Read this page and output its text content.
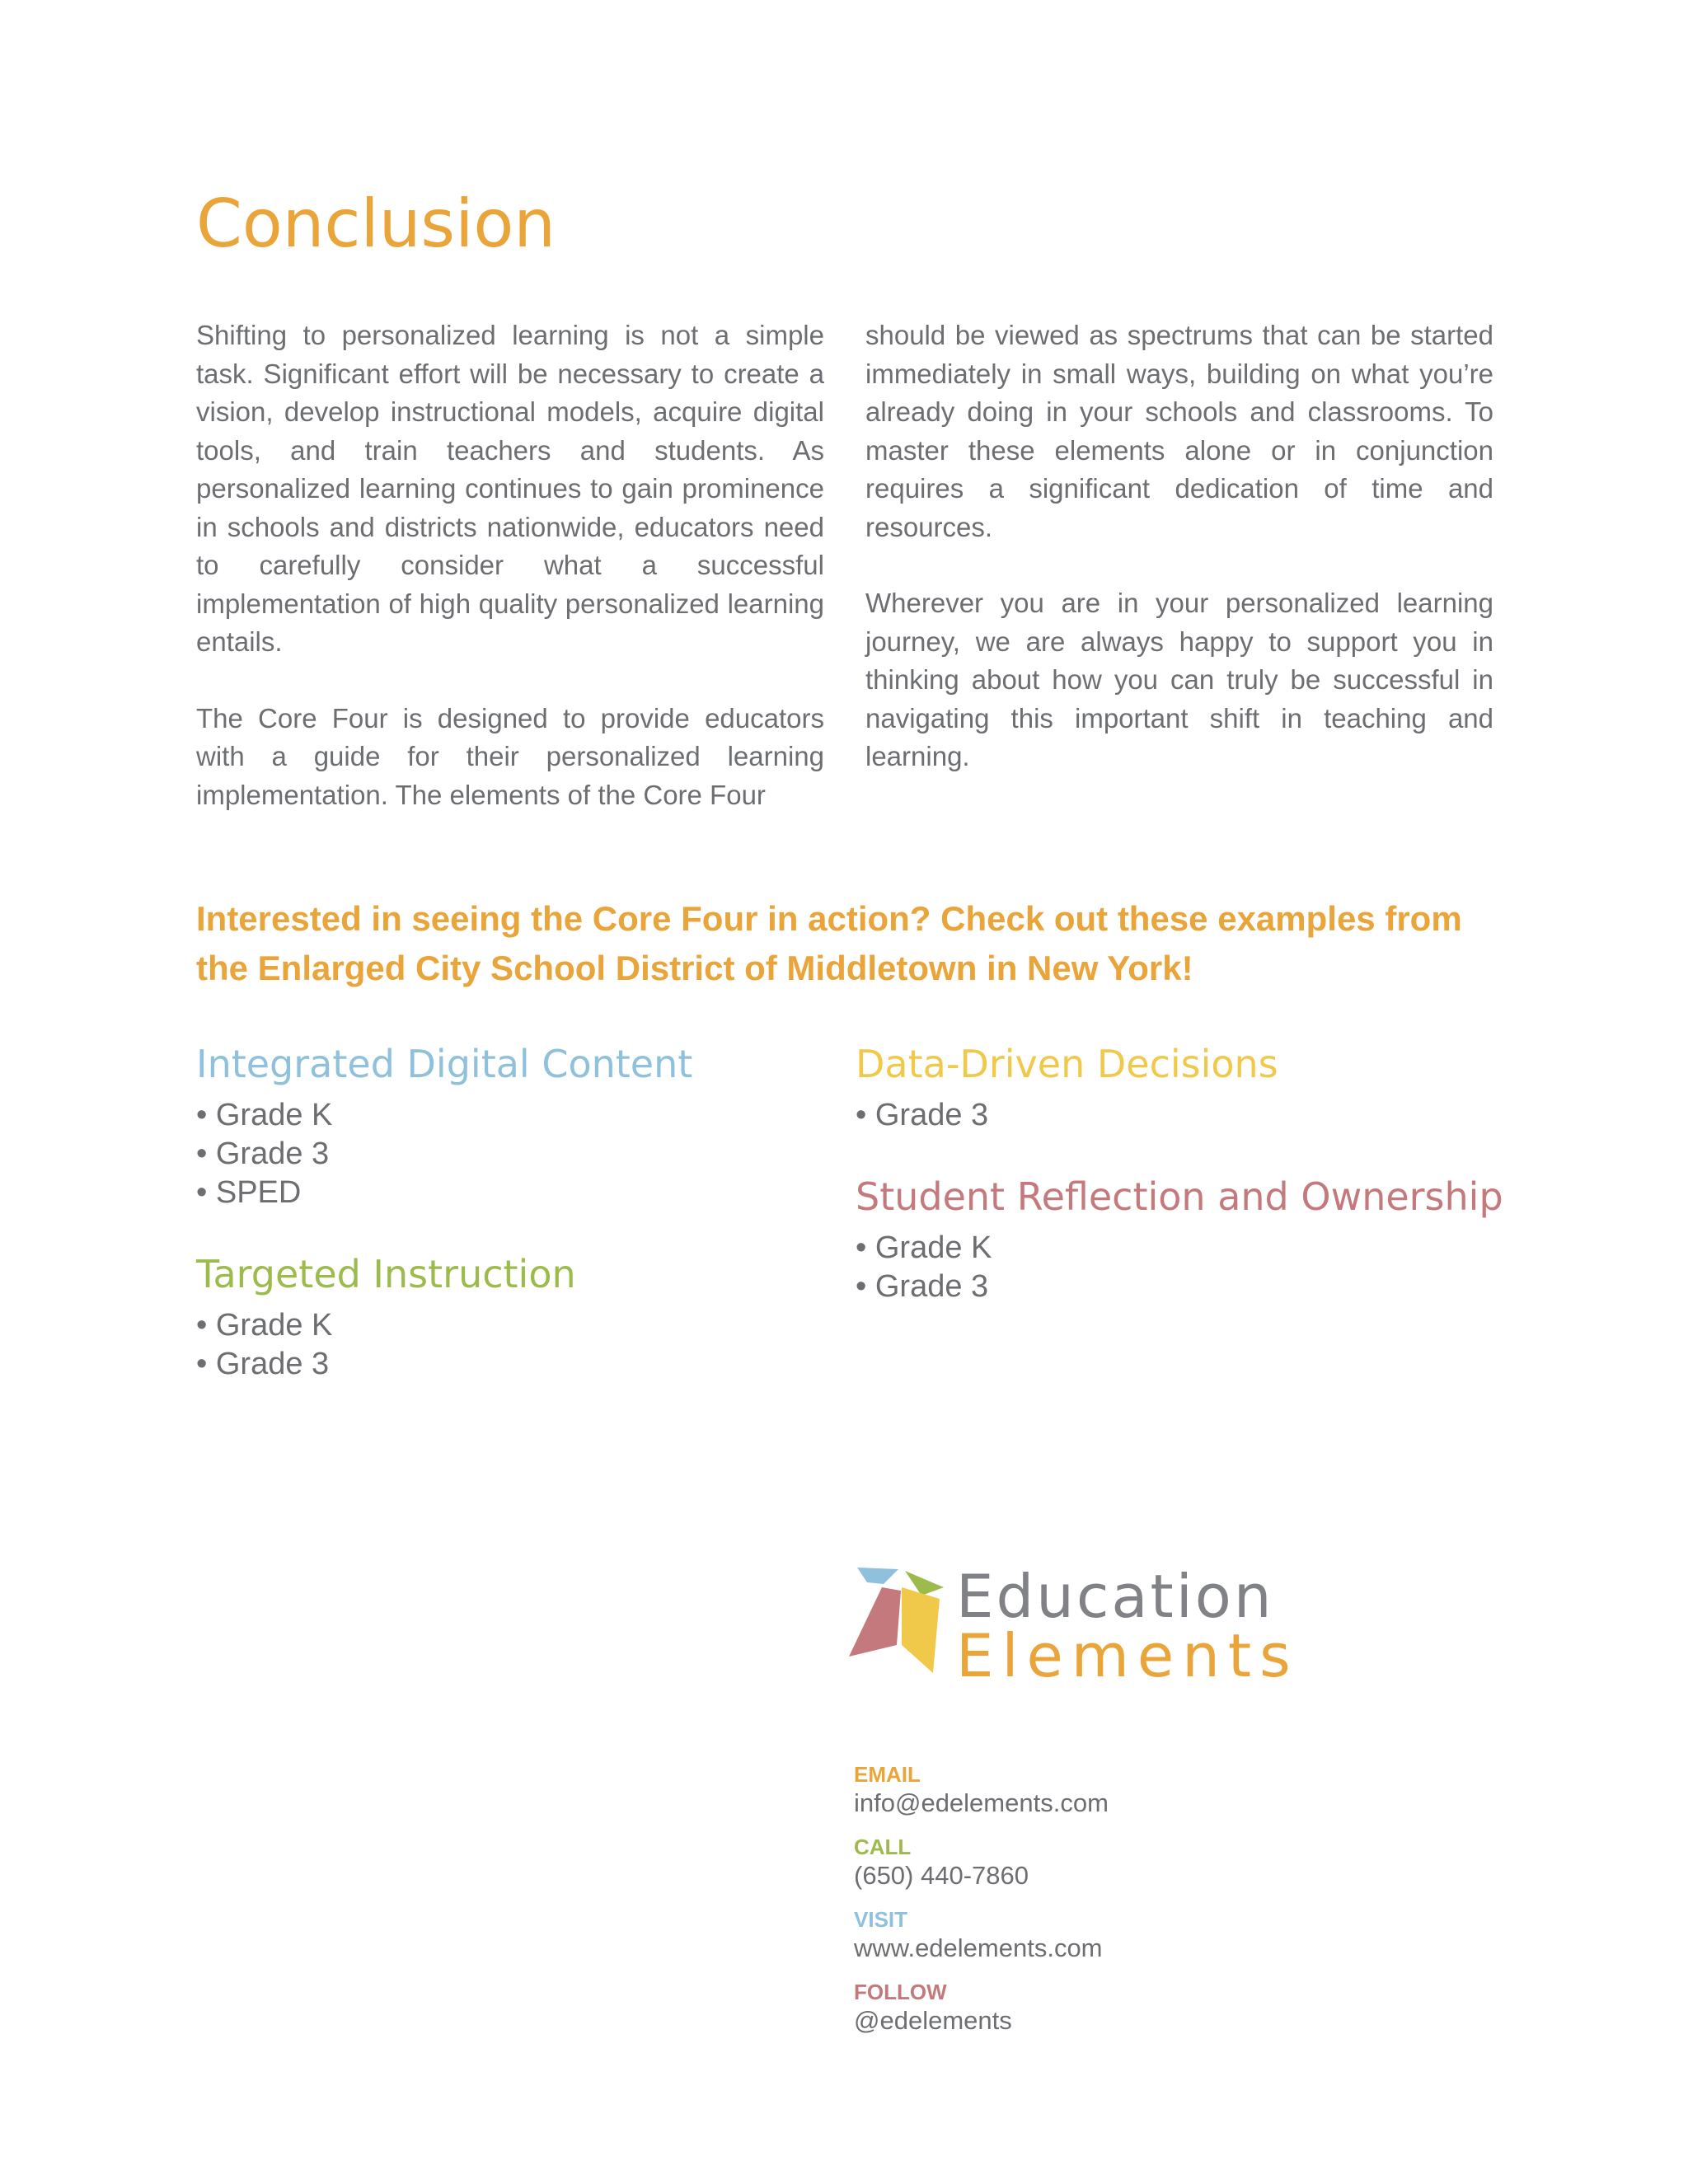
Conclusion

Shifting to personalized learning is not a simple task. Significant effort will be necessary to create a vision, develop instructional models, acquire digital tools, and train teachers and students. As personalized learning continues to gain prominence in schools and districts nationwide, educators need to carefully consider what a successful implementation of high quality personalized learning entails.

The Core Four is designed to provide educators with a guide for their personalized learning implementation. The elements of the Core Four

should be viewed as spectrums that can be started immediately in small ways, building on what you’re already doing in your schools and classrooms. To master these elements alone or in conjunction requires a significant dedication of time and resources.

Wherever you are in your personalized learning journey, we are always happy to support you in thinking about how you can truly be successful in navigating this important shift in teaching and learning.

Interested in seeing the Core Four in action? Check out these examples from the Enlarged City School District of Middletown in New York!

Integrated Digital Content
• Grade K
• Grade 3
• SPED
Targeted Instruction
• Grade K
• Grade 3
Data-Driven Decisions
• Grade 3
Student Reflection and Ownership
• Grade K
• Grade 3
Education
Elements
EMAIL
info@edelements.com
CALL
(650) 440-7860
VISIT
www.edelements.com
FOLLOW
@edelements
